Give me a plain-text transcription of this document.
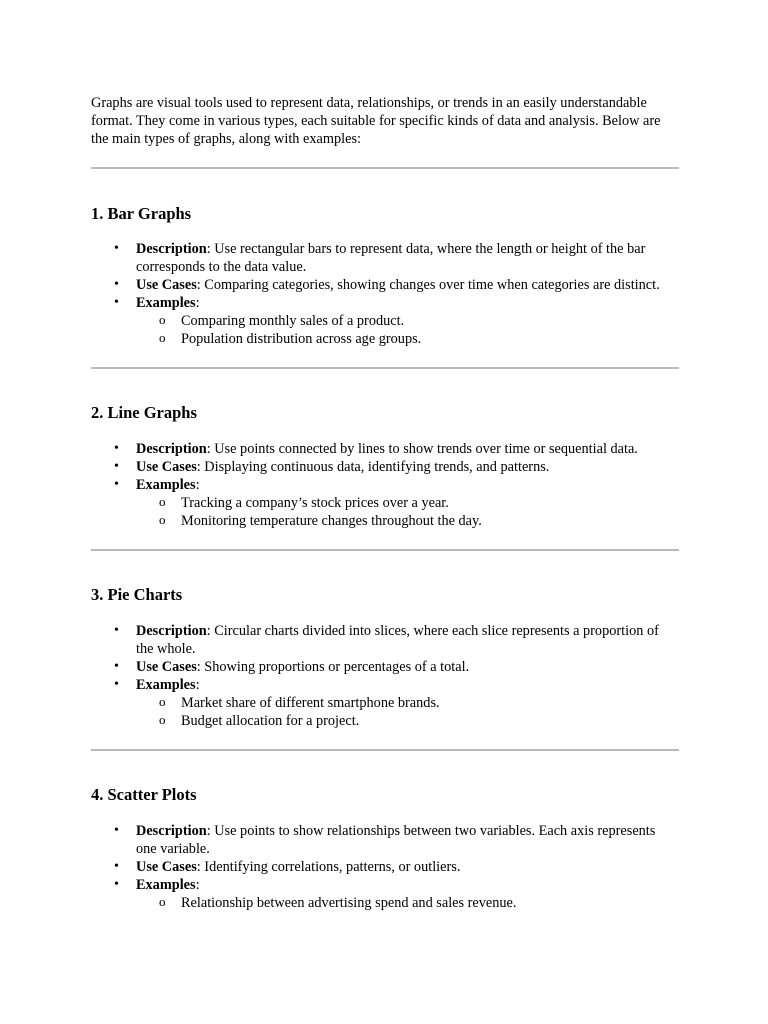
Graphs are visual tools used to represent data, relationships, or trends in an easily understandable format. They come in various types, each suitable for specific kinds of data and analysis. Below are the main types of graphs, along with examples:

1. Bar Graphs
• Description: Use rectangular bars to represent data, where the length or height of the bar corresponds to the data value.
• Use Cases: Comparing categories, showing changes over time when categories are distinct.
• Examples:
o Comparing monthly sales of a product.
o Population distribution across age groups.
2. Line Graphs
• Description: Use points connected by lines to show trends over time or sequential data.
• Use Cases: Displaying continuous data, identifying trends, and patterns.
• Examples:
o Tracking a company’s stock prices over a year.
o Monitoring temperature changes throughout the day.
3. Pie Charts
• Description: Circular charts divided into slices, where each slice represents a proportion of the whole.
• Use Cases: Showing proportions or percentages of a total.
• Examples:
o Market share of different smartphone brands.
o Budget allocation for a project.
4. Scatter Plots
• Description: Use points to show relationships between two variables. Each axis represents one variable.
• Use Cases: Identifying correlations, patterns, or outliers.
• Examples:
o Relationship between advertising spend and sales revenue.
